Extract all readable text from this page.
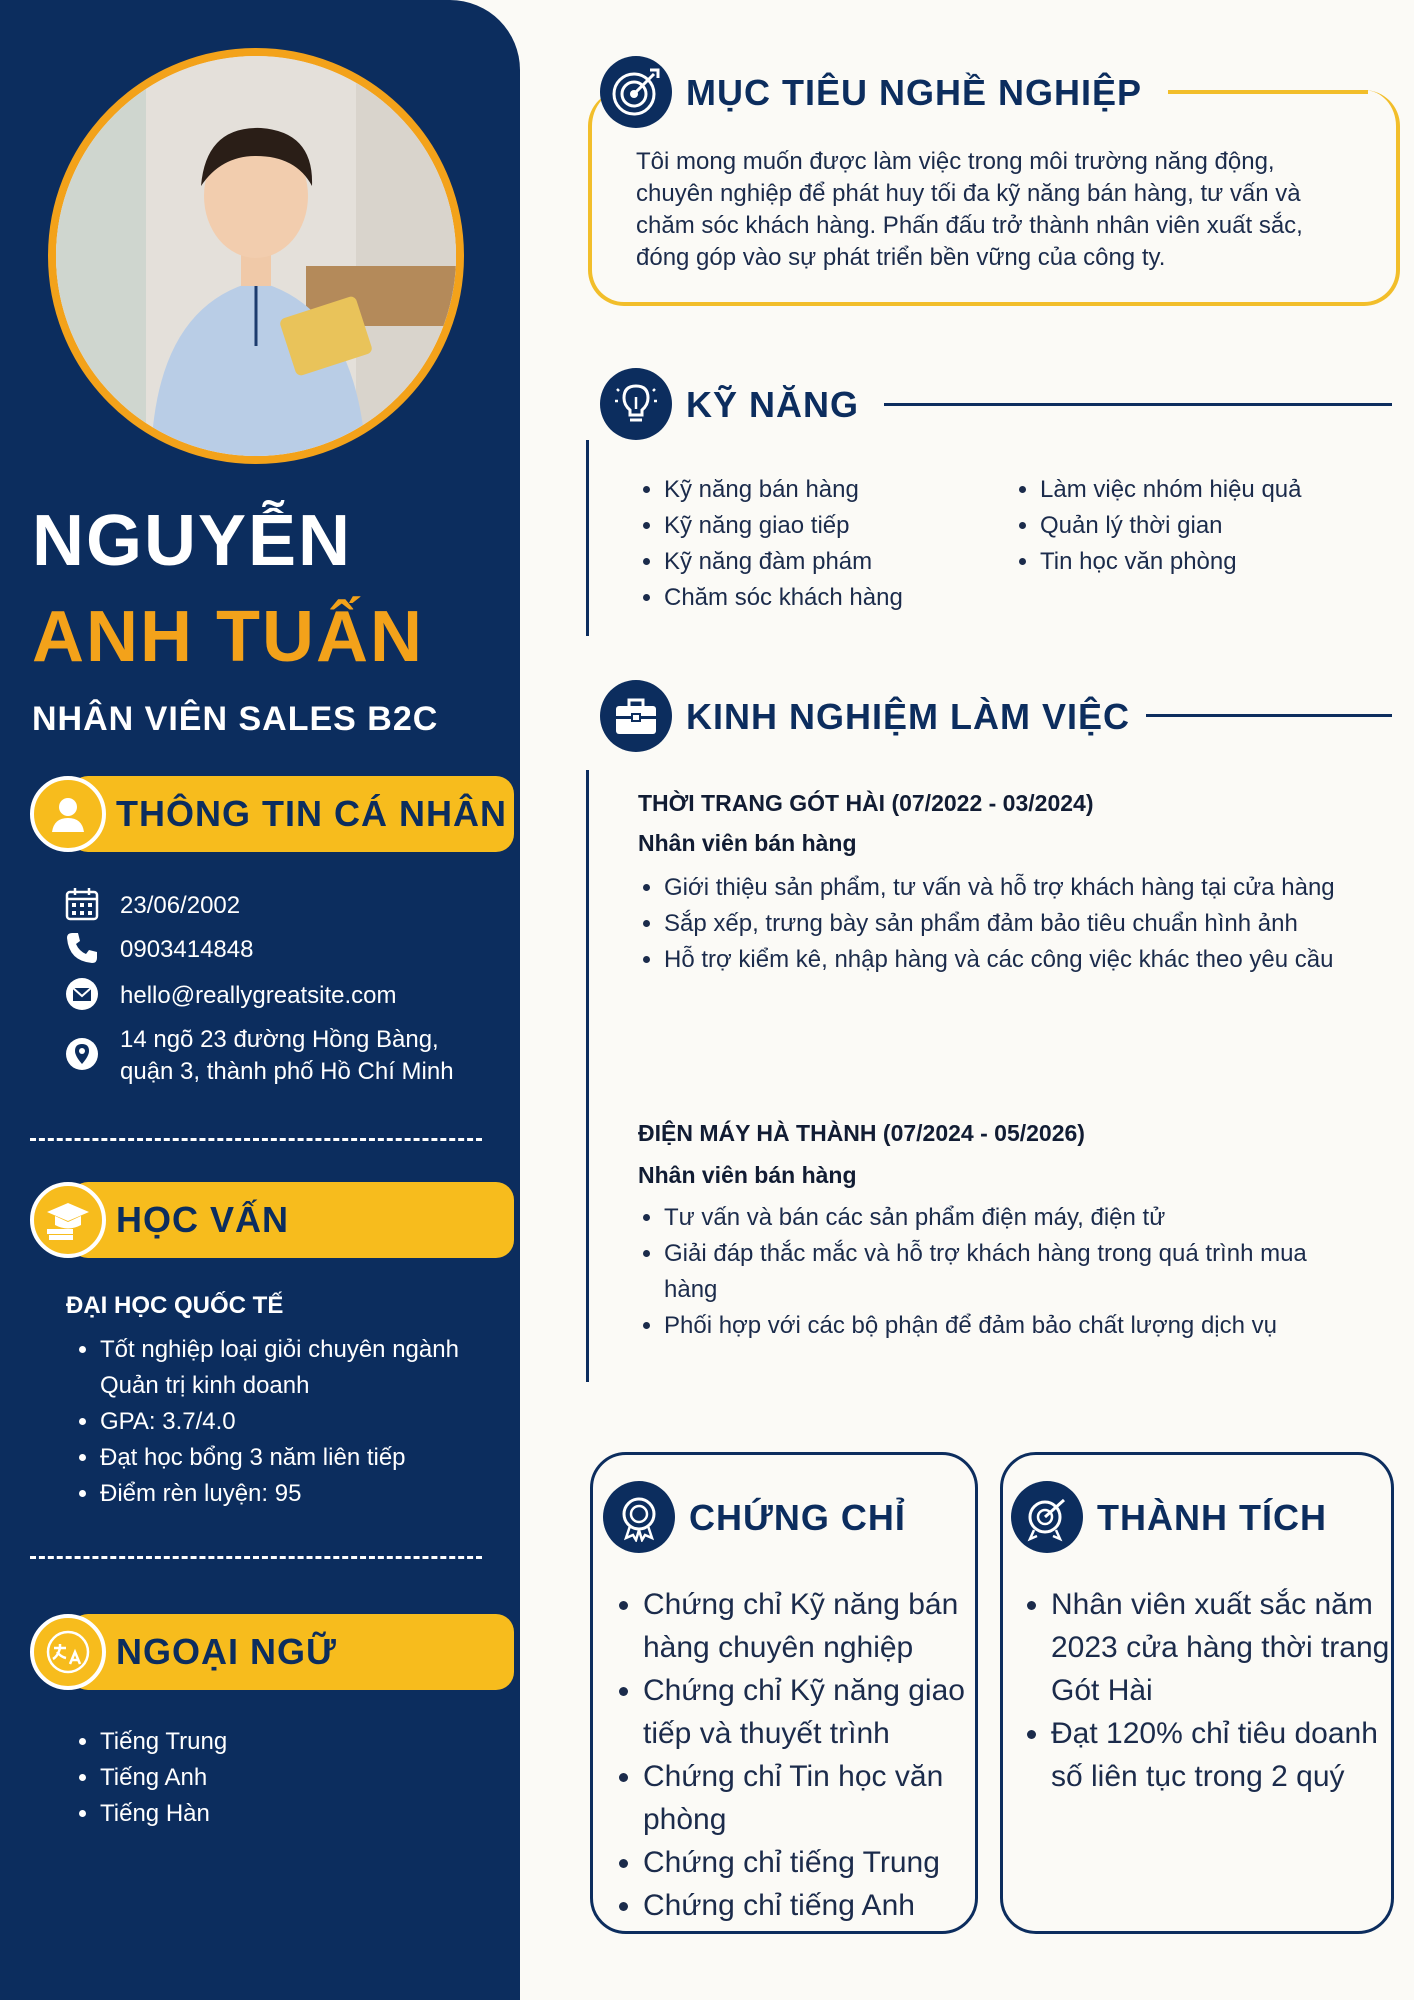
NGUYỄN
ANH TUẤN
NHÂN VIÊN SALES B2C
THÔNG TIN CÁ NHÂN
23/06/2002
0903414848
hello@reallygreatsite.com
14 ngõ 23 đường Hồng Bàng,
quận 3, thành phố Hồ Chí Minh
HỌC VẤN
ĐẠI HỌC QUỐC TẾ
• Tốt nghiệp loại giỏi chuyên ngành Quản trị kinh doanh
• GPA: 3.7/4.0
• Đạt học bổng 3 năm liên tiếp
• Điểm rèn luyện: 95
NGOẠI NGỮ
• Tiếng Trung
• Tiếng Anh
• Tiếng Hàn
MỤC TIÊU NGHỀ NGHIỆP
Tôi mong muốn được làm việc trong môi trường năng động, chuyên nghiệp để phát huy tối đa kỹ năng bán hàng, tư vấn và chăm sóc khách hàng. Phấn đấu trở thành nhân viên xuất sắc, đóng góp vào sự phát triển bền vững của công ty.
KỸ NĂNG
• Kỹ năng bán hàng
• Kỹ năng giao tiếp
• Kỹ năng đàm phám
• Chăm sóc khách hàng
• Làm việc nhóm hiệu quả
• Quản lý thời gian
• Tin học văn phòng
KINH NGHIỆM LÀM VIỆC
THỜI TRANG GÓT HÀI (07/2022 - 03/2024)
Nhân viên bán hàng
• Giới thiệu sản phẩm, tư vấn và hỗ trợ khách hàng tại cửa hàng
• Sắp xếp, trưng bày sản phẩm đảm bảo tiêu chuẩn hình ảnh
• Hỗ trợ kiểm kê, nhập hàng và các công việc khác theo yêu cầu
ĐIỆN MÁY HÀ THÀNH (07/2024 - 05/2026)
Nhân viên bán hàng
• Tư vấn và bán các sản phẩm điện máy, điện tử
• Giải đáp thắc mắc và hỗ trợ khách hàng trong quá trình mua hàng
• Phối hợp với các bộ phận để đảm bảo chất lượng dịch vụ
CHỨNG CHỈ
• Chứng chỉ Kỹ năng bán hàng chuyên nghiệp
• Chứng chỉ Kỹ năng giao tiếp và thuyết trình
• Chứng chỉ Tin học văn phòng
• Chứng chỉ tiếng Trung
• Chứng chỉ tiếng Anh
THÀNH TÍCH
• Nhân viên xuất sắc năm 2023 cửa hàng thời trang Gót Hài
• Đạt 120% chỉ tiêu doanh số liên tục trong 2 quý
